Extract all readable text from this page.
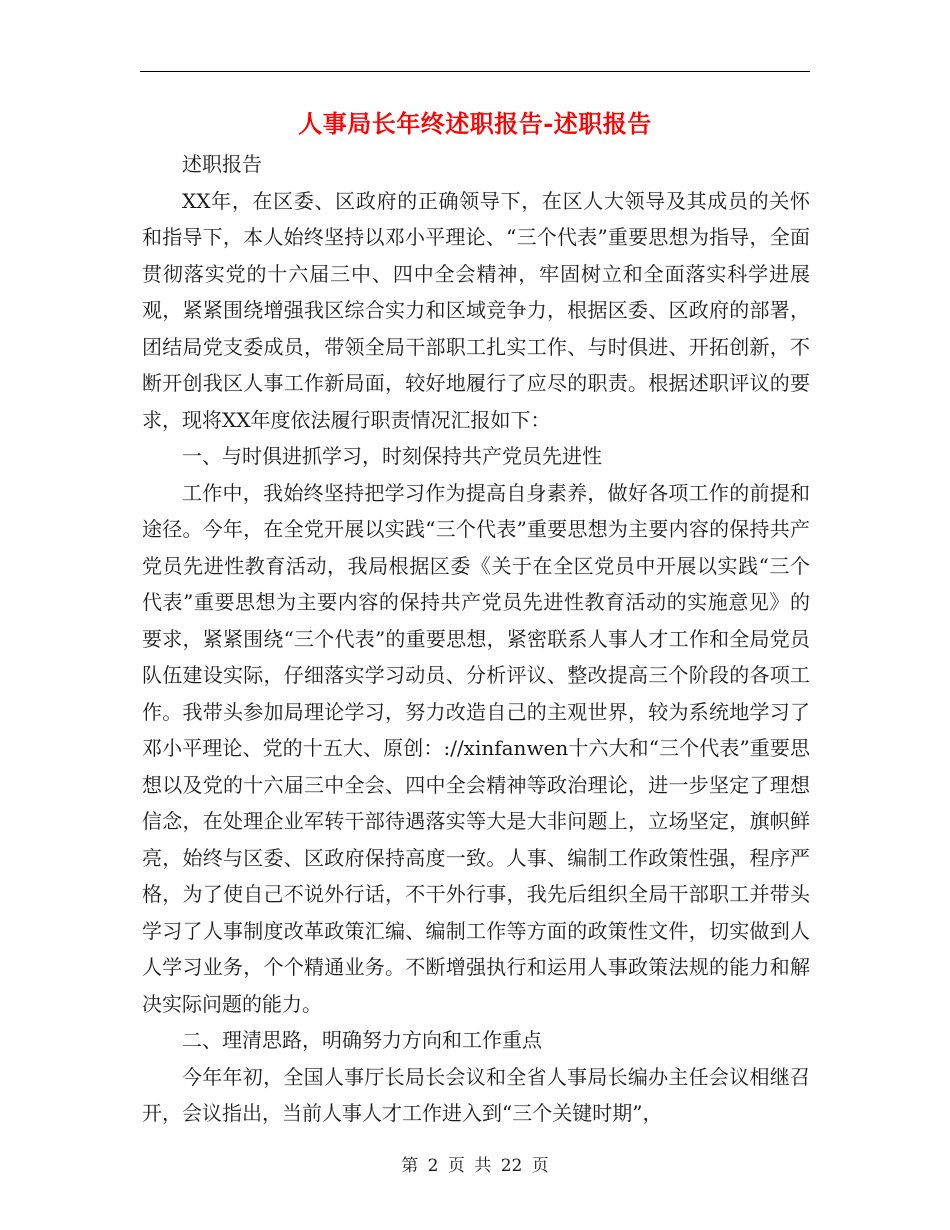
人事局长年终述职报告-述职报告

述职报告

XX年，在区委、区政府的正确领导下，在区人大领导及其成员的关怀和指导下，本人始终坚持以邓小平理论、“三个代表”重要思想为指导，全面贯彻落实党的十六届三中、四中全会精神，牢固树立和全面落实科学进展观，紧紧围绕增强我区综合实力和区域竞争力，根据区委、区政府的部署，团结局党支委成员，带领全局干部职工扎实工作、与时俱进、开拓创新，不断开创我区人事工作新局面，较好地履行了应尽的职责。根据述职评议的要求，现将XX年度依法履行职责情况汇报如下：

一、与时俱进抓学习，时刻保持共产党员先进性

工作中，我始终坚持把学习作为提高自身素养，做好各项工作的前提和途径。今年，在全党开展以实践“三个代表”重要思想为主要内容的保持共产党员先进性教育活动，我局根据区委《关于在全区党员中开展以实践“三个代表”重要思想为主要内容的保持共产党员先进性教育活动的实施意见》的要求，紧紧围绕“三个代表”的重要思想，紧密联系人事人才工作和全局党员队伍建设实际，仔细落实学习动员、分析评议、整改提高三个阶段的各项工作。我带头参加局理论学习，努力改造自己的主观世界，较为系统地学习了邓小平理论、党的十五大、原创：://xinfanwen十六大和“三个代表”重要思想以及党的十六届三中全会、四中全会精神等政治理论，进一步坚定了理想信念，在处理企业军转干部待遇落实等大是大非问题上，立场坚定，旗帜鲜亮，始终与区委、区政府保持高度一致。人事、编制工作政策性强，程序严格，为了使自己不说外行话，不干外行事，我先后组织全局干部职工并带头学习了人事制度改革政策汇编、编制工作等方面的政策性文件，切实做到人人学习业务，个个精通业务。不断增强执行和运用人事政策法规的能力和解决实际问题的能力。

二、理清思路，明确努力方向和工作重点

今年年初，全国人事厅长局长会议和全省人事局长编办主任会议相继召开，会议指出，当前人事人才工作进入到“三个关键时期”，

第 2 页 共 22 页
